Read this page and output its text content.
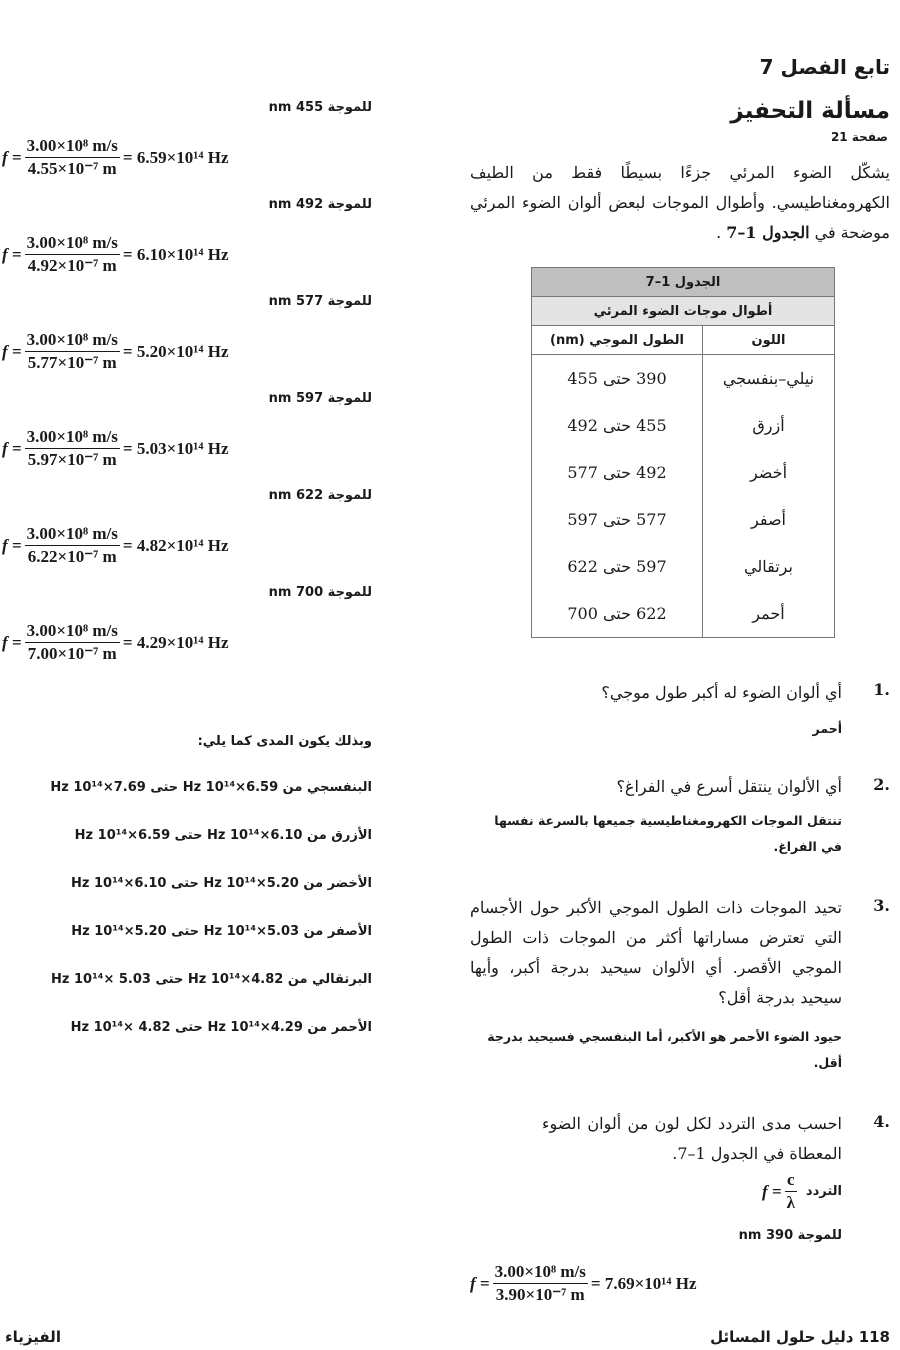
تابع الفصل 7
مسألة التحفيز
صفحة 21
يشكّل الضوء المرئي جزءًا بسيطًا فقط من الطيف الكهرومغناطيسي. وأطوال الموجات لبعض ألوان الضوء المرئي موضحة في الجدول 1–7 .
الجدول 1–7	
أطوال موجات الضوء المرئي	
اللون	الطول الموجي (nm)
نيلي–بنفسجي	390 حتى 455
أزرق	455 حتى 492
أخضر	492 حتى 577
أصفر	577 حتى 597
برتقالي	597 حتى 622
أحمر	622 حتى 700
1.
أي ألوان الضوء له أكبر طول موجي؟
أحمر
2.
أي الألوان ينتقل أسرع في الفراغ؟
تنتقل الموجات الكهرومغناطيسية جميعها بالسرعة نفسها في الفراغ.
3.
تحيد الموجات ذات الطول الموجي الأكبر حول الأجسام التي تعترض مساراتها أكثر من الموجات ذات الطول الموجي الأقصر. أي الألوان سيحيد بدرجة أكبر، وأيها سيحيد بدرجة أقل؟
حيود الضوء الأحمر هو الأكبر، أما البنفسجي فسيحيد بدرجة أقل.
4.
احسب مدى التردد لكل لون من ألوان الضوء المعطاة في الجدول 1–7.
التردد
$f = \frac{c}{\lambda}$
للموجة 390 nm
$f = \frac{\text{3.00×10⁸ m/s}}{\text{3.90×10⁻⁷ m}} = 7.69\times 10^{14}$ Hz
للموجة 455 nm
$f = \frac{\text{3.00×10⁸ m/s}}{\text{4.55×10⁻⁷ m}} = 6.59\times 10^{14}$ Hz
للموجة 492 nm
$f = \frac{\text{3.00×10⁸ m/s}}{\text{4.92×10⁻⁷ m}} = 6.10\times 10^{14}$ Hz
للموجة 577 nm
$f = \frac{\text{3.00×10⁸ m/s}}{\text{5.77×10⁻⁷ m}} = 5.20\times 10^{14}$ Hz
للموجة 597 nm
$f = \frac{\text{3.00×10⁸ m/s}}{\text{5.97×10⁻⁷ m}} = 5.03\times 10^{14}$ Hz
للموجة 622 nm
$f = \frac{\text{3.00×10⁸ m/s}}{\text{6.22×10⁻⁷ m}} = 4.82\times 10^{14}$ Hz
للموجة 700 nm
$f = \frac{\text{3.00×10⁸ m/s}}{\text{7.00×10⁻⁷ m}} = 4.29\times 10^{14}$ Hz
وبذلك يكون المدى كما يلي:
البنفسجي من 6.59×10¹⁴ Hz حتى 7.69×10¹⁴ Hz
الأزرق من 6.10×10¹⁴ Hz حتى 6.59×10¹⁴ Hz
الأخضر من 5.20×10¹⁴ Hz حتى 6.10×10¹⁴ Hz
الأصفر من 5.03×10¹⁴ Hz حتى 5.20×10¹⁴ Hz
البرتقالي من 4.82×10¹⁴ Hz حتى 5.03 ×10¹⁴ Hz
الأحمر من 4.29×10¹⁴ Hz حتى 4.82 ×10¹⁴ Hz
118 دليل حلول المسائل
الفيزياء
